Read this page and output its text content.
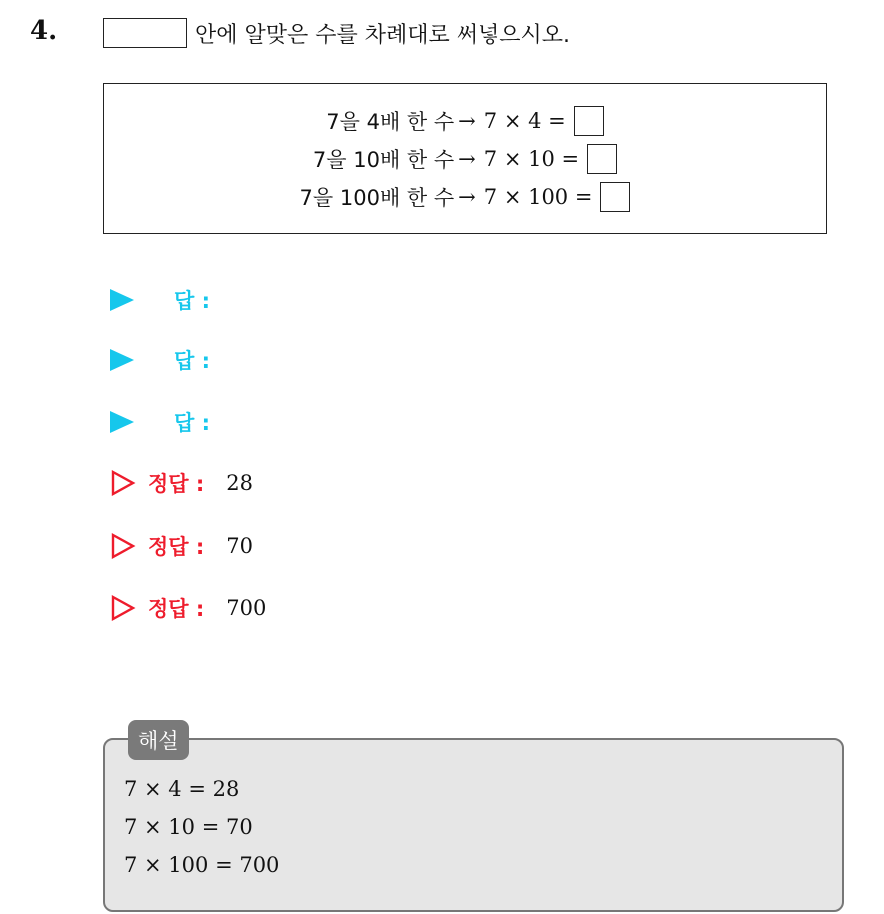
4.	안에 알맞은 수를 차례대로 써넣으시오.
7을 4배 한 수 → 7 × 4 =
7을 10배 한 수 → 7 × 10 =
7을 100배 한 수 → 7 × 100 =
답 :
답 :
답 :
정답 : 28
정답 : 70
정답 : 700
해설
7 × 4 = 28
7 × 10 = 70
7 × 100 = 700
